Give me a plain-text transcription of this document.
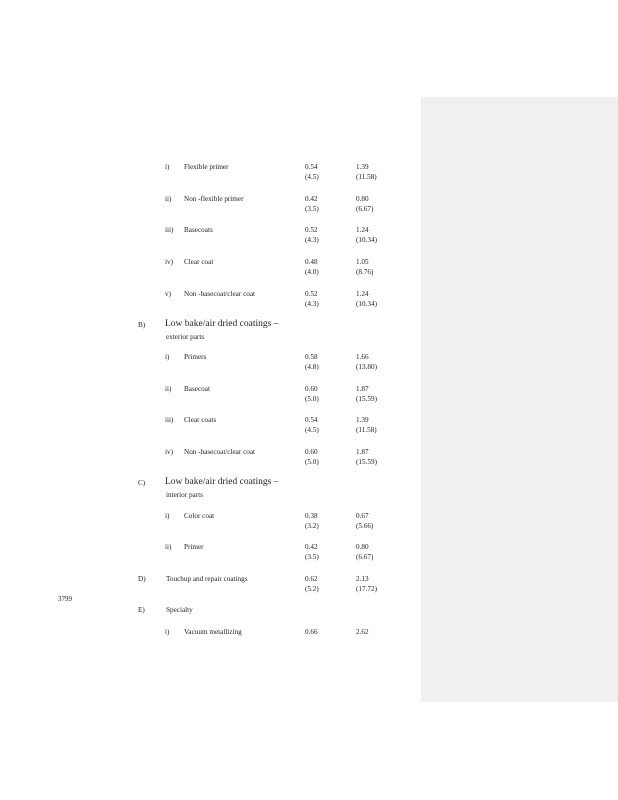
3799
i) Flexible primer	0.54	1.39
(4.5)	(11.58)
ii) Non -flexible primer	0.42	0.80
(3.5)	(6.67)
iii) Basecoats	0.52	1.24
(4.3)	(10.34)
iv) Clear coat	0.48	1.05
(4.0)	(8.76)
v) Non -basecoat/clear coat	0.52	1.24
(4.3)	(10.34)
B) Low bake/air dried coatings –
exterior parts
i) Primers	0.58	1.66
(4.8)	(13.80)
ii) Basecoat	0.60	1.87
(5.0)	(15.59)
iii) Clear coats	0.54	1.39
(4.5)	(11.58)
iv) Non -basecoat/clear coat	0.60	1.87
(5.0)	(15.59)
C) Low bake/air dried coatings –
interior parts
i) Color coat	0.38	0.67
(3.2)	(5.66)
ii) Primer	0.42	0.80
(3.5)	(6.67)
D)	Touchup and repair coatings	0.62	2.13
(5.2)	(17.72)
E)	Specialty
i) Vacuum metallizing	0.66	2.62
